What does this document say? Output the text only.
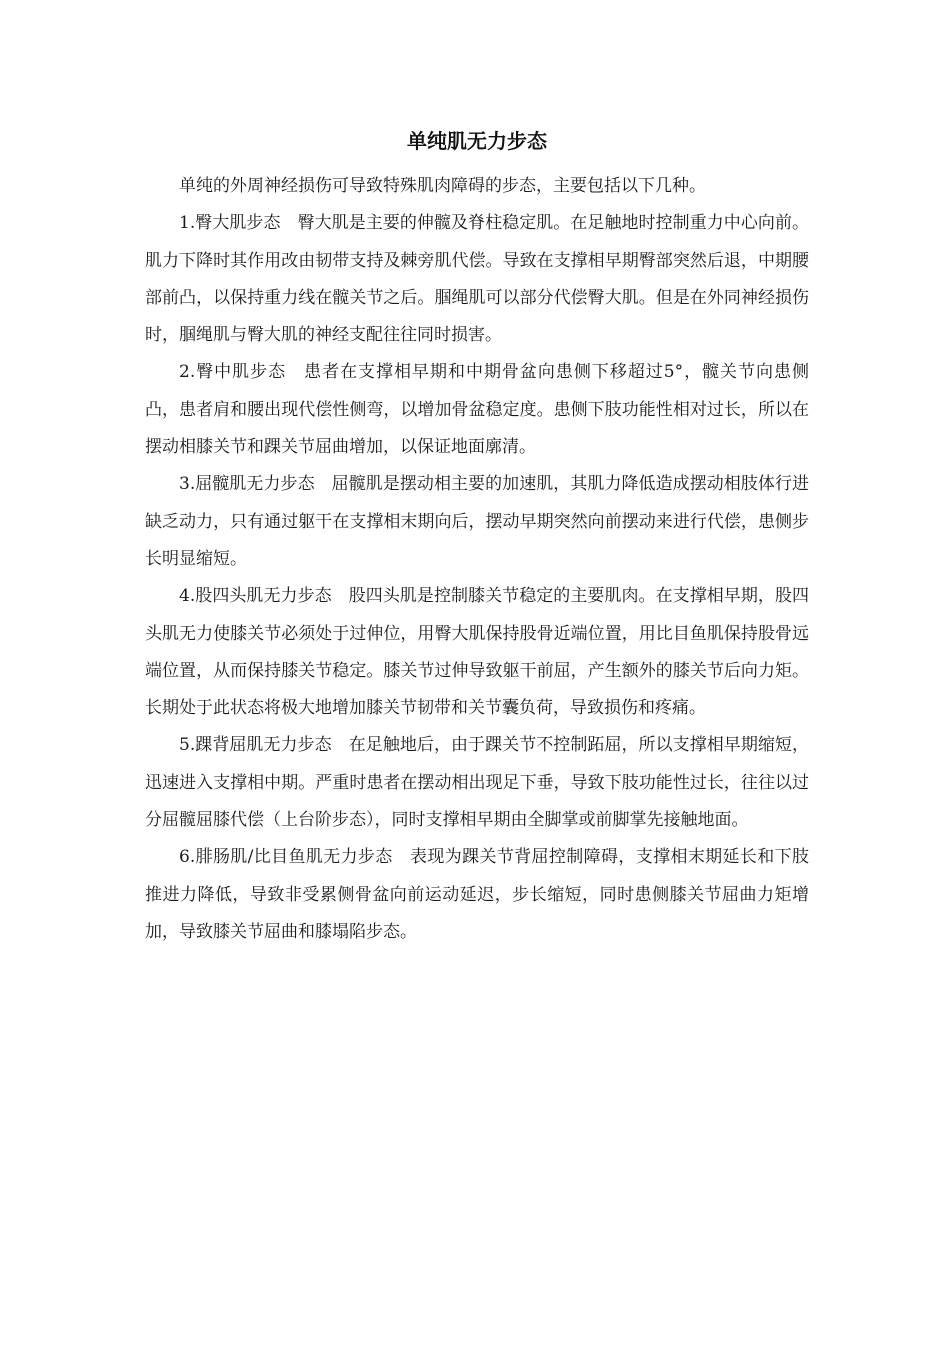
单纯肌无力步态

单纯的外周神经损伤可导致特殊肌肉障碍的步态，主要包括以下几种。

1.臀大肌步态　臀大肌是主要的伸髋及脊柱稳定肌。在足触地时控制重力中心向前。肌力下降时其作用改由韧带支持及棘旁肌代偿。导致在支撑相早期臀部突然后退，中期腰部前凸，以保持重力线在髋关节之后。腘绳肌可以部分代偿臀大肌。但是在外同神经损伤时，腘绳肌与臀大肌的神经支配往往同时损害。

2.臀中肌步态　患者在支撑相早期和中期骨盆向患侧下移超过5°，髋关节向患侧凸，患者肩和腰出现代偿性侧弯，以增加骨盆稳定度。患侧下肢功能性相对过长，所以在摆动相膝关节和踝关节屈曲增加，以保证地面廓清。

3.屈髋肌无力步态　屈髋肌是摆动相主要的加速肌，其肌力降低造成摆动相肢体行进缺乏动力，只有通过躯干在支撑相末期向后，摆动早期突然向前摆动来进行代偿，患侧步长明显缩短。

4.股四头肌无力步态　股四头肌是控制膝关节稳定的主要肌肉。在支撑相早期，股四头肌无力使膝关节必须处于过伸位，用臀大肌保持股骨近端位置，用比目鱼肌保持股骨远端位置，从而保持膝关节稳定。膝关节过伸导致躯干前屈，产生额外的膝关节后向力矩。长期处于此状态将极大地增加膝关节韧带和关节囊负荷，导致损伤和疼痛。

5.踝背屈肌无力步态　在足触地后，由于踝关节不控制跖屈，所以支撑相早期缩短，迅速进入支撑相中期。严重时患者在摆动相出现足下垂，导致下肢功能性过长，往往以过分屈髋屈膝代偿（上台阶步态），同时支撑相早期由全脚掌或前脚掌先接触地面。

6.腓肠肌/比目鱼肌无力步态　表现为踝关节背屈控制障碍，支撑相末期延长和下肢推进力降低，导致非受累侧骨盆向前运动延迟，步长缩短，同时患侧膝关节屈曲力矩增加，导致膝关节屈曲和膝塌陷步态。
